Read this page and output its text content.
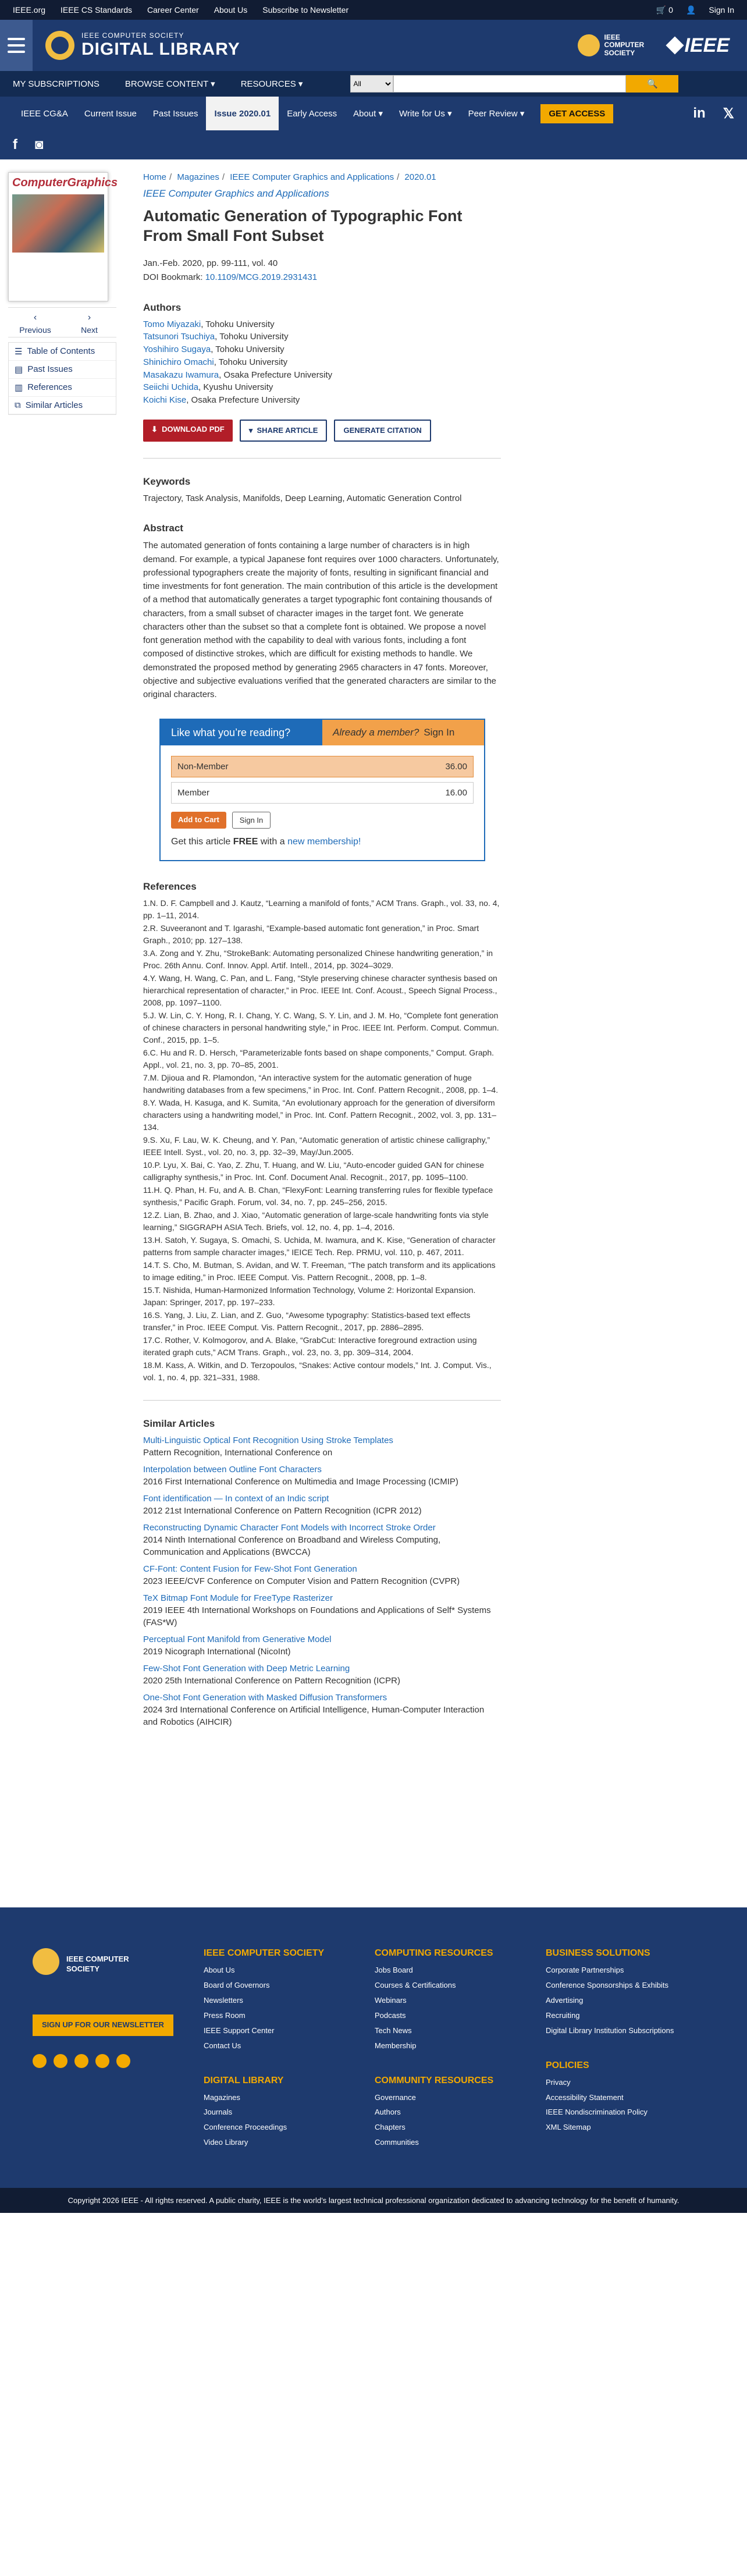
IEEE.org IEEE CS Standards Career Center About Us Subscribe to Newsletter	🛒 0 👤 Sign In
IEEE COMPUTER SOCIETY
DIGITAL LIBRARY
IEEE COMPUTER SOCIETY	IEEE
MY SUBSCRIPTIONS	BROWSE CONTENT ▾	RESOURCES ▾
All	🔍
IEEE CG&A Current Issue Past Issues Issue 2020.01 Early Access About
▾ Write for Us
▾ Peer Review
▾	GET ACCESS	in 𝕏
f ◙
ComputerGraphics
‹
Previous
›
Next
☰ Table of Contents
▤ Past Issues
▥ References
⧉ Similar Articles
Home / Magazines / IEEE Computer Graphics and Applications / 2020.01
IEEE Computer Graphics and Applications
Automatic Generation of Typographic Font From Small Font Subset
Jan.-Feb. 2020, pp. 99-111, vol. 40
DOI Bookmark: 10.1109/MCG.2019.2931431
Authors
Tomo Miyazaki, Tohoku University
Tatsunori Tsuchiya, Tohoku University
Yoshihiro Sugaya, Tohoku University
Shinichiro Omachi, Tohoku University
Masakazu Iwamura, Osaka Prefecture University
Seiichi Uchida, Kyushu University
Koichi Kise, Osaka Prefecture University
⬇ DOWNLOAD PDF	▾ SHARE ARTICLE	GENERATE CITATION
Keywords
Trajectory, Task Analysis, Manifolds, Deep Learning, Automatic Generation Control
Abstract
The automated generation of fonts containing a large number of characters is in high demand. For example, a typical Japanese font requires over 1000 characters. Unfortunately, professional typographers create the majority of fonts, resulting in significant financial and time investments for font generation. The main contribution of this article is the development of a method that automatically generates a target typographic font containing thousands of characters, from a small subset of character images in the target font. We generate characters other than the subset so that a complete font is obtained. We propose a novel font generation method with the capability to deal with various fonts, including a font composed of distinctive strokes, which are difficult for existing methods to handle. We demonstrated the proposed method by generating 2965 characters in 47 fonts. Moreover, objective and subjective evaluations verified that the generated characters are similar to the original characters.
Like what you’re reading?	Already a member? Sign In
Non-Member	36.00
Member	16.00
Add to Cart	Sign In
Get this article FREE with a new membership!
References
1.N. D. F. Campbell and J. Kautz, “Learning a manifold of fonts,” ACM Trans. Graph., vol. 33, no. 4, pp. 1–11, 2014.
2.R. Suveeranont and T. Igarashi, “Example-based automatic font generation,” in Proc. Smart Graph., 2010; pp. 127–138.
3.A. Zong and Y. Zhu, “StrokeBank: Automating personalized Chinese handwriting generation,” in Proc. 26th Annu. Conf. Innov. Appl. Artif. Intell., 2014, pp. 3024–3029.
4.Y. Wang, H. Wang, C. Pan, and L. Fang, “Style preserving chinese character synthesis based on hierarchical representation of character,” in Proc. IEEE Int. Conf. Acoust., Speech Signal Process., 2008, pp. 1097–1100.
5.J. W. Lin, C. Y. Hong, R. I. Chang, Y. C. Wang, S. Y. Lin, and J. M. Ho, “Complete font generation of chinese characters in personal handwriting style,” in Proc. IEEE Int. Perform. Comput. Commun. Conf., 2015, pp. 1–5.
6.C. Hu and R. D. Hersch, “Parameterizable fonts based on shape components,” Comput. Graph. Appl., vol. 21, no. 3, pp. 70–85, 2001.
7.M. Djioua and R. Plamondon, “An interactive system for the automatic generation of huge handwriting databases from a few specimens,” in Proc. Int. Conf. Pattern Recognit., 2008, pp. 1–4.
8.Y. Wada, H. Kasuga, and K. Sumita, “An evolutionary approach for the generation of diversiform characters using a handwriting model,” in Proc. Int. Conf. Pattern Recognit., 2002, vol. 3, pp. 131–134.
9.S. Xu, F. Lau, W. K. Cheung, and Y. Pan, “Automatic generation of artistic chinese calligraphy,” IEEE Intell. Syst., vol. 20, no. 3, pp. 32–39, May/Jun.2005.
10.P. Lyu, X. Bai, C. Yao, Z. Zhu, T. Huang, and W. Liu, “Auto-encoder guided GAN for chinese calligraphy synthesis,” in Proc. Int. Conf. Document Anal. Recognit., 2017, pp. 1095–1100.
11.H. Q. Phan, H. Fu, and A. B. Chan, “FlexyFont: Learning transferring rules for flexible typeface synthesis,” Pacific Graph. Forum, vol. 34, no. 7, pp. 245–256, 2015.
12.Z. Lian, B. Zhao, and J. Xiao, “Automatic generation of large-scale handwriting fonts via style learning,” SIGGRAPH ASIA Tech. Briefs, vol. 12, no. 4, pp. 1–4, 2016.
13.H. Satoh, Y. Sugaya, S. Omachi, S. Uchida, M. Iwamura, and K. Kise, “Generation of character patterns from sample character images,” IEICE Tech. Rep. PRMU, vol. 110, p. 467, 2011.
14.T. S. Cho, M. Butman, S. Avidan, and W. T. Freeman, “The patch transform and its applications to image editing,” in Proc. IEEE Comput. Vis. Pattern Recognit., 2008, pp. 1–8.
15.T. Nishida, Human-Harmonized Information Technology, Volume 2: Horizontal Expansion. Japan: Springer, 2017, pp. 197–233.
16.S. Yang, J. Liu, Z. Lian, and Z. Guo, “Awesome typography: Statistics-based text effects transfer,” in Proc. IEEE Comput. Vis. Pattern Recognit., 2017, pp. 2886–2895.
17.C. Rother, V. Kolmogorov, and A. Blake, “GrabCut: Interactive foreground extraction using iterated graph cuts,” ACM Trans. Graph., vol. 23, no. 3, pp. 309–314, 2004.
18.M. Kass, A. Witkin, and D. Terzopoulos, “Snakes: Active contour models,” Int. J. Comput. Vis., vol. 1, no. 4, pp. 321–331, 1988.
Similar Articles
Multi-Linguistic Optical Font Recognition Using Stroke Templates
Pattern Recognition, International Conference on
Interpolation between Outline Font Characters
2016 First International Conference on Multimedia and Image Processing (ICMIP)
Font identification — In context of an Indic script
2012 21st International Conference on Pattern Recognition (ICPR 2012)
Reconstructing Dynamic Character Font Models with Incorrect Stroke Order
2014 Ninth International Conference on Broadband and Wireless Computing, Communication and Applications (BWCCA)
CF-Font: Content Fusion for Few-Shot Font Generation
2023 IEEE/CVF Conference on Computer Vision and Pattern Recognition (CVPR)
TeX Bitmap Font Module for FreeType Rasterizer
2019 IEEE 4th International Workshops on Foundations and Applications of Self* Systems (FAS*W)
Perceptual Font Manifold from Generative Model
2019 Nicograph International (NicoInt)
Few-Shot Font Generation with Deep Metric Learning
2020 25th International Conference on Pattern Recognition (ICPR)
One-Shot Font Generation with Masked Diffusion Transformers
2024 3rd International Conference on Artificial Intelligence, Human-Computer Interaction and Robotics (AIHCIR)
IEEE COMPUTER SOCIETY
SIGN UP FOR OUR NEWSLETTER
IEEE COMPUTER SOCIETY
About Us
Board of Governors
Newsletters
Press Room
IEEE Support Center
Contact Us
DIGITAL LIBRARY
Magazines
Journals
Conference Proceedings
Video Library
COMPUTING RESOURCES
Jobs Board
Courses & Certifications
Webinars
Podcasts
Tech News
Membership
COMMUNITY RESOURCES
Governance
Authors
Chapters
Communities
BUSINESS SOLUTIONS
Corporate Partnerships
Conference Sponsorships & Exhibits
Advertising
Recruiting
Digital Library Institution Subscriptions
POLICIES
Privacy
Accessibility Statement
IEEE Nondiscrimination Policy
XML Sitemap
Copyright 2026 IEEE - All rights reserved. A public charity, IEEE is the world’s largest technical professional organization dedicated to advancing technology for the benefit of humanity.
